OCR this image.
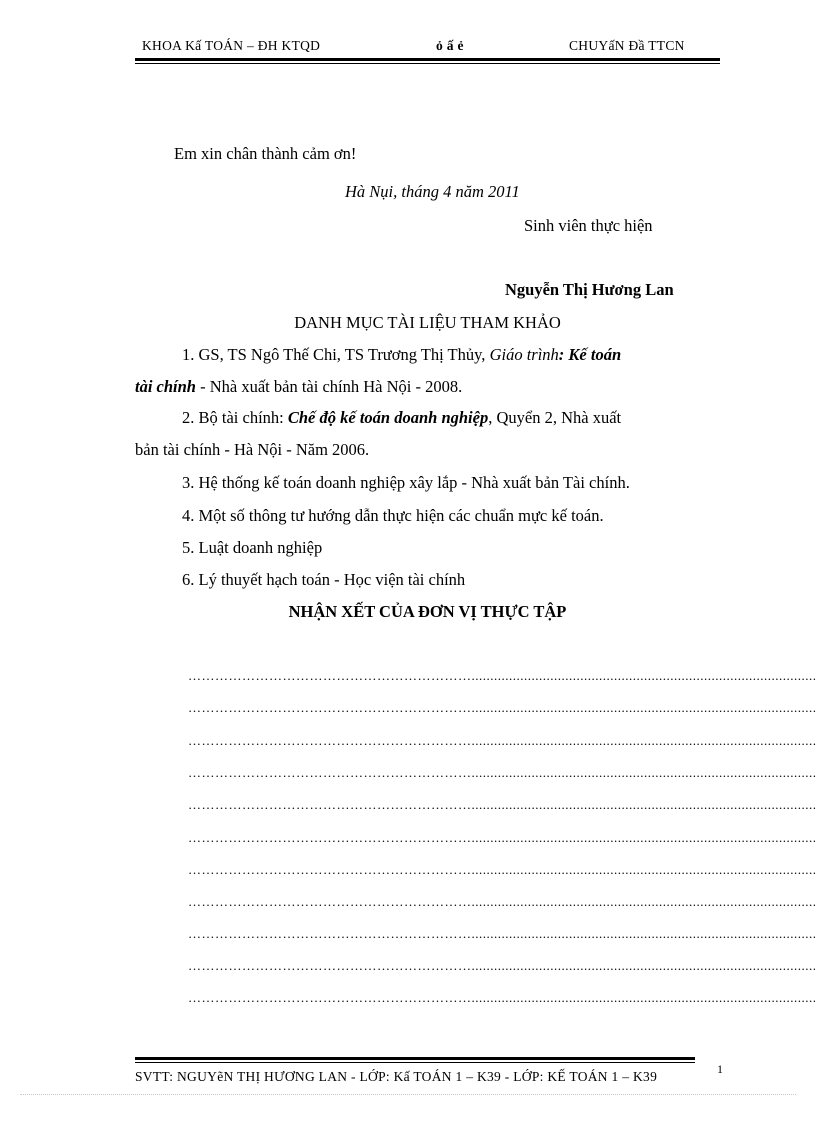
KHOA Kấ TOÁN – ĐH KTQD	ỏ ấ ẻ	CHUYấN Đầ TTCN
Em xin chân thành cảm ơn!
Hà Nụi, tháng 4 năm 2011
Sinh viên thực hiện
Nguyễn Thị Hương Lan
DANH MỤC TÀI LIỆU THAM KHẢO
1. GS, TS Ngô Thế Chi, TS Trương Thị Thủy, Giáo trình: Kế toán
tài chính - Nhà xuất bản tài chính Hà Nội - 2008.
2. Bộ tài chính: Chế độ kế toán doanh nghiệp, Quyển 2, Nhà xuất
bản tài chính - Hà Nội - Năm 2006.
3. Hệ thống kế toán doanh nghiệp xây lắp - Nhà xuất bản Tài chính.
4. Một số thông tư hướng dẫn thực hiện các chuẩn mực kế toán.
5. Luật doanh nghiệp
6. Lý thuyết hạch toán - Học viện tài chính
NHẬN XẾT CỦA ĐƠN VỊ THỰC TẬP
………………………………………………………............................................................................................
………………………………………………………............................................................................................
………………………………………………………............................................................................................
………………………………………………………............................................................................................
………………………………………………………............................................................................................
………………………………………………………............................................................................................
………………………………………………………............................................................................................
………………………………………………………............................................................................................
………………………………………………………............................................................................................
………………………………………………………............................................................................................
………………………………………………………............................................................................................
SVTT: NGUYẽN THỊ HƯƠNG LAN - LỚP: Kấ TOÁN 1 – K39 - LỚP: KẾ TOÁN 1 – K39	1
